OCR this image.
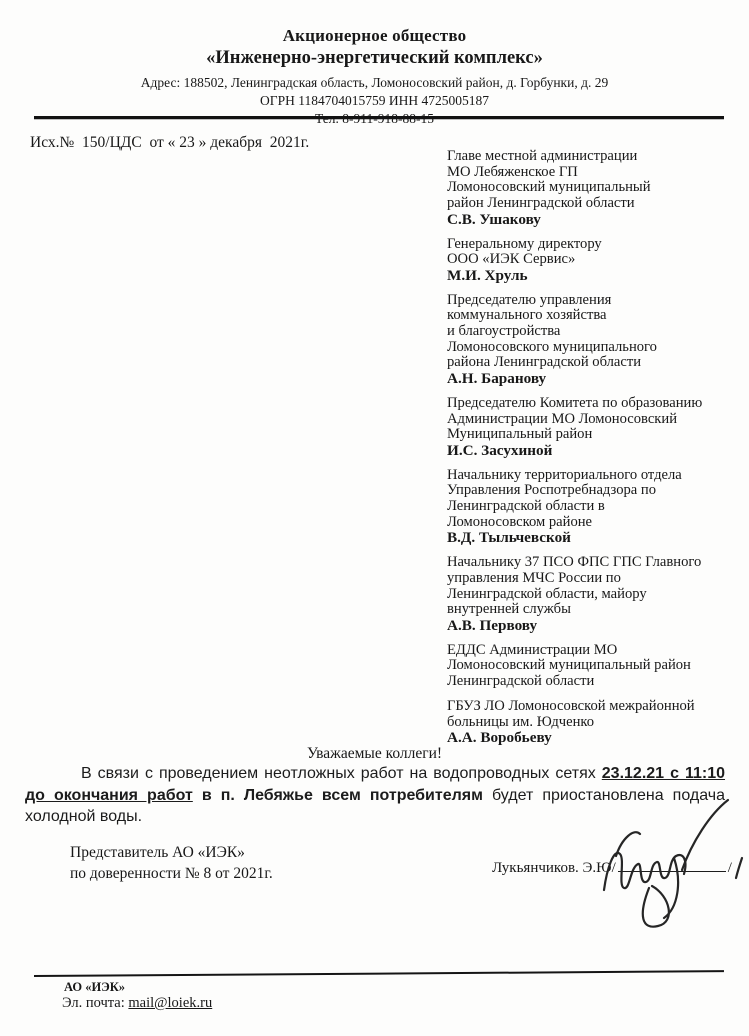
Акционерное общество
«Инженерно-энергетический комплекс»
Адрес: 188502, Ленинградская область, Ломоносовский район, д. Горбунки, д. 29
ОГРН 1184704015759 ИНН 4725005187
Тел. 8-911-918-88-15
Исх.№  150/ЦДС  от « 23 » декабря  2021г.
Главе местной администрации
МО Лебяженское ГП
Ломоносовский муниципальный
район Ленинградской области
С.В. Ушакову
Генеральному директору
ООО «ИЭК Сервис»
М.И. Хруль
Председателю управления
коммунального хозяйства
и благоустройства
Ломоносовского муниципального
района Ленинградской области
А.Н. Баранову
Председателю Комитета по образованию
Администрации МО Ломоносовский
Муниципальный район
И.С. Засухиной
Начальнику территориального отдела
Управления Роспотребнадзора по
Ленинградской области в
Ломоносовском районе
В.Д. Тыльчевской
Начальнику 37 ПСО ФПС ГПС Главного
управления МЧС России по
Ленинградской области, майору
внутренней службы
А.В. Первову
ЕДДС Администрации МО
Ломоносовский муниципальный район
Ленинградской области
ГБУЗ ЛО Ломоносовской межрайонной
больницы им. Юдченко
А.А. Воробьеву
Уважаемые коллеги!

В связи с проведением неотложных работ на водопроводных сетях 23.12.21 с 11:10 до окончания работ в п. Лебяжье всем потребителям будет приостановлена подача холодной воды.

Представитель АО «ИЭК»
по доверенности № 8 от 2021г.	Лукьянчиков. Э.Ю/	/
АО «ИЭК»
Эл. почта: mail@loiek.ru
